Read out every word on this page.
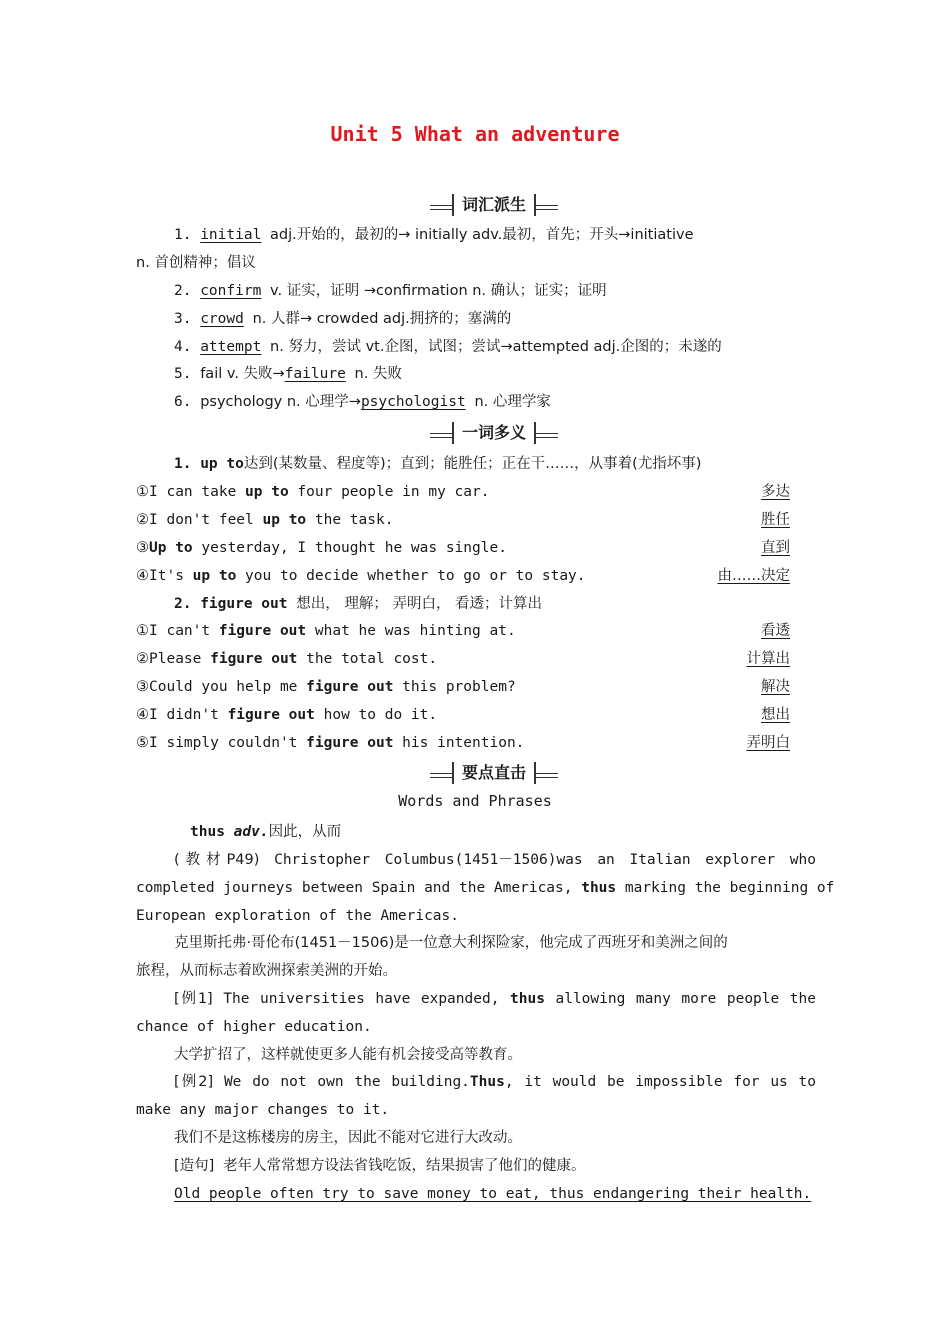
Unit 5 What an adventure
词汇派生
1. initial adj.开始的，最初的→ initially adv.最初，首先；开头→initiative
n. 首创精神；倡议
2. confirm v. 证实，证明 →confirmation n. 确认；证实；证明
3. crowd n. 人群→ crowded adj.拥挤的；塞满的
4. attempt n. 努力，尝试 vt.企图，试图；尝试→attempted adj.企图的；未遂的
5. fail v. 失败→failure n. 失败
6. psychology n. 心理学→psychologist n. 心理学家
一词多义
1. up to达到(某数量、程度等)；直到；能胜任；正在干……，从事着(尤指坏事)
①I can take up to four people in my car.	多达
②I don't feel up to the task.	胜任
③Up to yesterday, I thought he was single.	直到
④It's up to you to decide whether to go or to stay.	由……决定
2. figure out 想出， 理解； 弄明白， 看透；计算出
①I can't figure out what he was hinting at.	看透
②Please figure out the total cost.	计算出
③Could you help me figure out this problem?	解决
④I didn't figure out how to do it.	想出
⑤I simply couldn't figure out his intention.	弄明白
要点直击
Words and Phrases
thus adv.因此，从而
(教材P49) Christopher Columbus(1451－1506)was an Italian explorer who
completed journeys between Spain and the Americas, thus marking the beginning of
European exploration of the Americas.
克里斯托弗·哥伦布(1451－1506)是一位意大利探险家，他完成了西班牙和美洲之间的
旅程，从而标志着欧洲探索美洲的开始。
[例1] The universities have expanded, thus allowing many more people the
chance of higher education.
大学扩招了，这样就使更多人能有机会接受高等教育。
[例2] We do not own the building.Thus, it would be impossible for us to
make any major changes to it.
我们不是这栋楼房的房主，因此不能对它进行大改动。
[造句] 老年人常常想方设法省钱吃饭，结果损害了他们的健康。
Old people often try to save money to eat, thus endangering their health.
